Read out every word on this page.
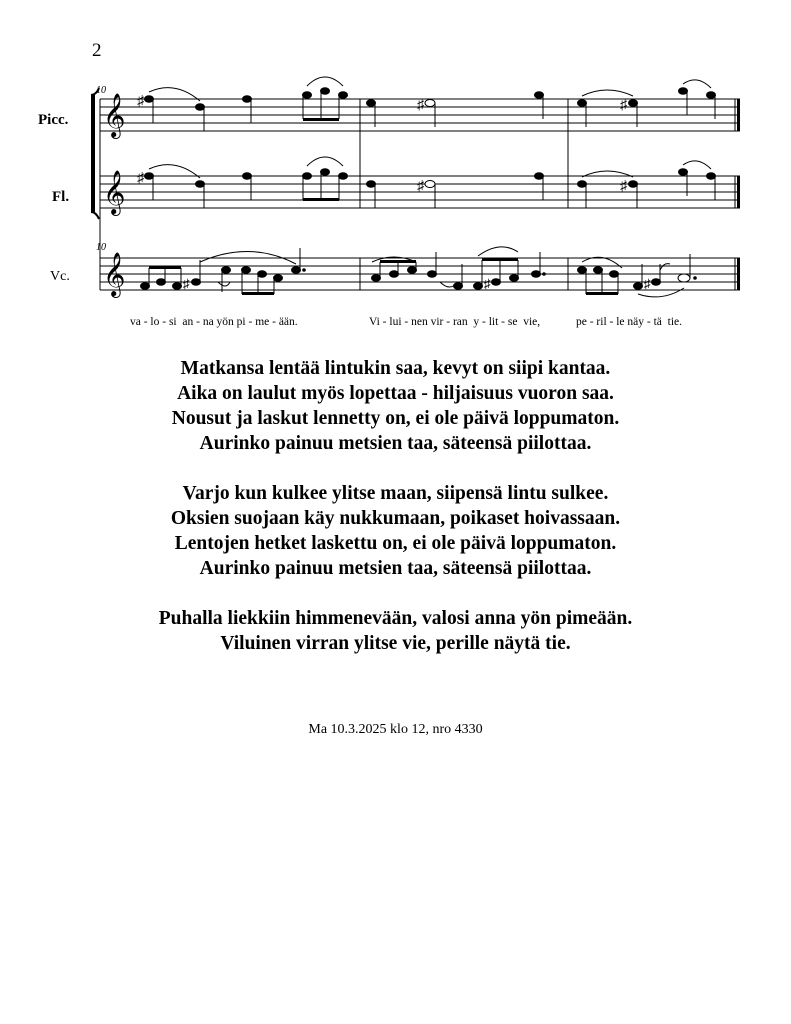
2
𝄞
𝄞
𝄞
10
10
Picc.
Fl.
Vc.
♯	♯	♯
♯
♯	♯
♯	♯	♯
va - lo - si  an - na yön pi - me - ään.	Vi - lui - nen vir - ran  y - lit - se  vie,	pe - ril - le näy - tä  tie.
Matkansa lentää lintukin saa, kevyt on siipi kantaa.
Aika on laulut myös lopettaa - hiljaisuus vuoron saa.
Nousut ja laskut lennetty on, ei ole päivä loppumaton.
Aurinko painuu metsien taa, säteensä piilottaa.
Varjo kun kulkee ylitse maan, siipensä lintu sulkee.
Oksien suojaan käy nukkumaan, poikaset hoivassaan.
Lentojen hetket laskettu on, ei ole päivä loppumaton.
Aurinko painuu metsien taa, säteensä piilottaa.
Puhalla liekkiin himmenevään, valosi anna yön pimeään.
Viluinen virran ylitse vie, perille näytä tie.
Ma 10.3.2025 klo 12, nro 4330
